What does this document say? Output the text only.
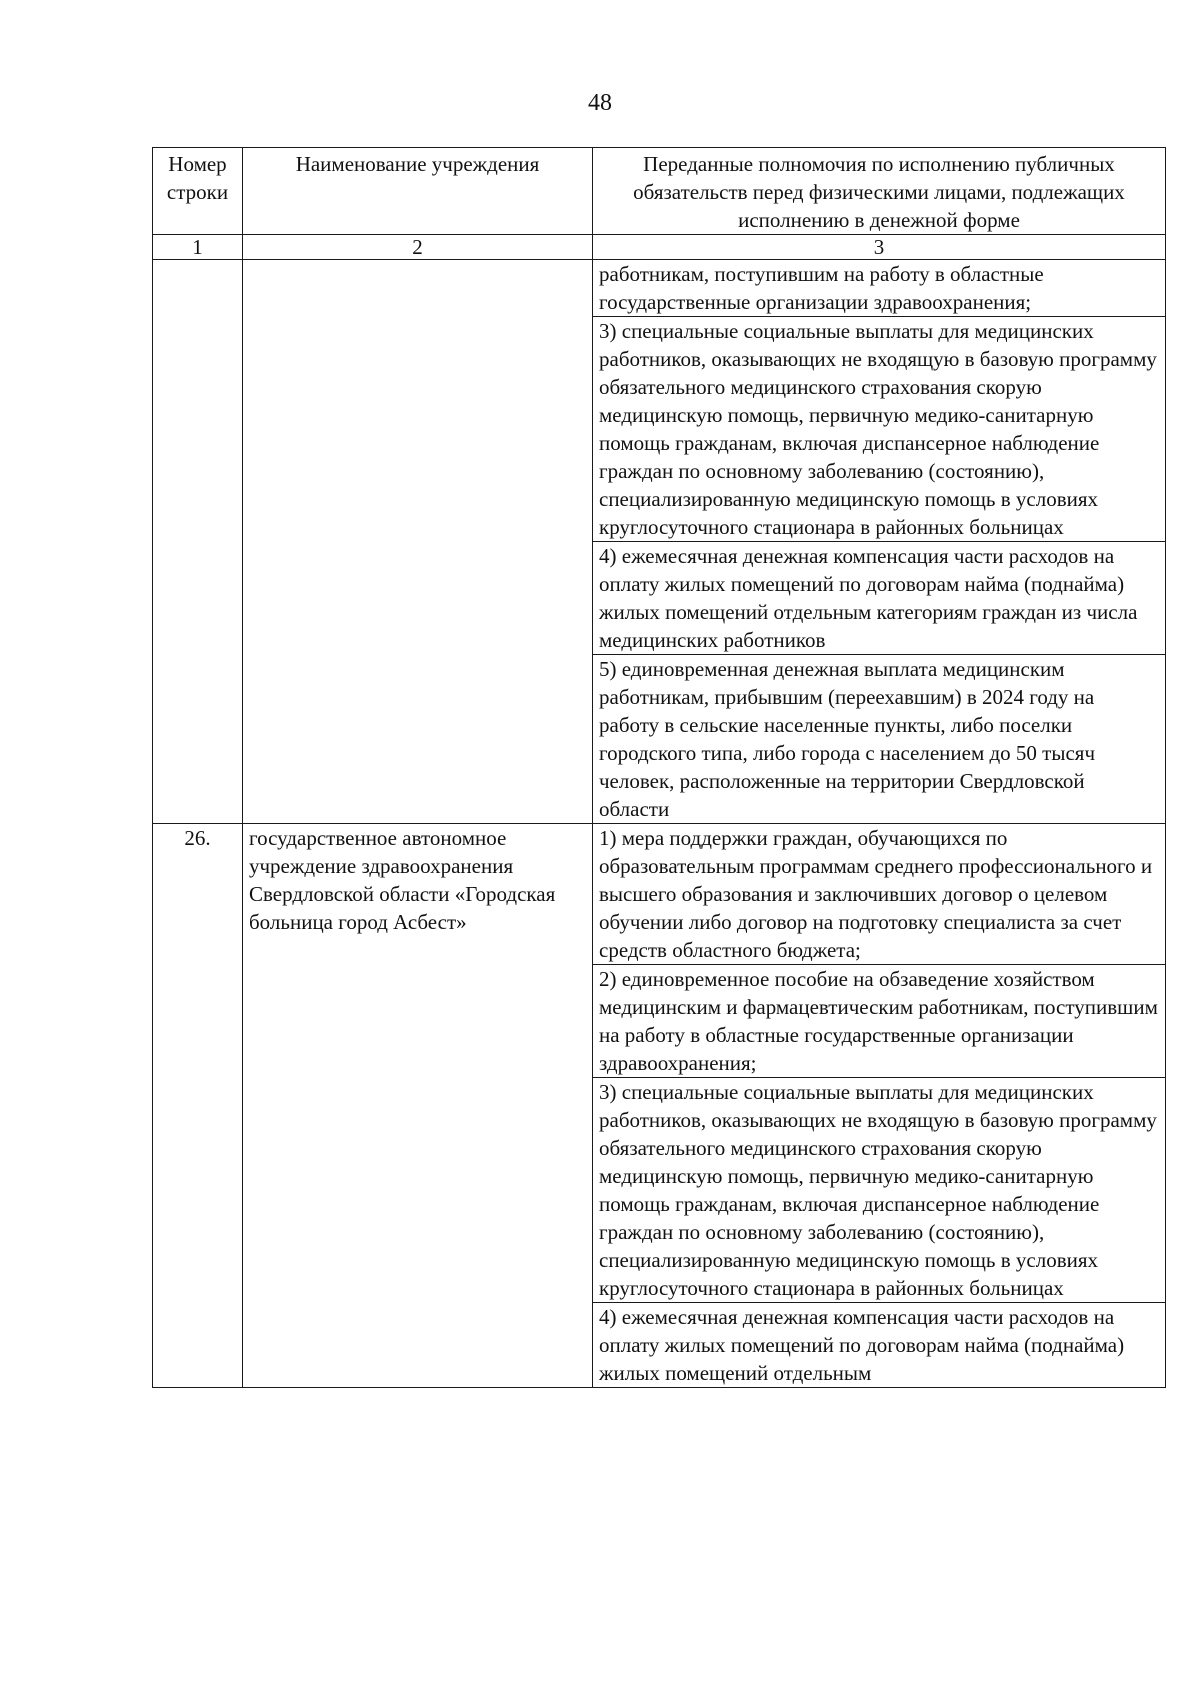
48
Номер строки	Наименование учреждения	Переданные полномочия по исполнению публичных обязательств перед физическими лицами, подлежащих исполнению в денежной форме
1	2	3
		работникам, поступившим на работу в областные государственные организации здравоохранения;
		3) специальные социальные выплаты для медицинских работников, оказывающих не входящую в базовую программу обязательного медицинского страхования скорую медицинскую помощь, первичную медико-санитарную помощь гражданам, включая диспансерное наблюдение граждан по основному заболеванию (состоянию), специализированную медицинскую помощь в условиях круглосуточного стационара в районных больницах
		4) ежемесячная денежная компенсация части расходов на оплату жилых помещений по договорам найма (поднайма) жилых помещений отдельным категориям граждан из числа медицинских работников
		5) единовременная денежная выплата медицинским работникам, прибывшим (переехавшим) в 2024 году на работу в сельские населенные пункты, либо поселки городского типа, либо города с населением до 50 тысяч человек, расположенные на территории Свердловской области
26.	государственное автономное учреждение здравоохранения Свердловской области «Городская больница город Асбест»	1) мера поддержки граждан, обучающихся по образовательным программам среднего профессионального и высшего образования и заключивших договор о целевом обучении либо договор на подготовку специалиста за счет средств областного бюджета;
		2) единовременное пособие на обзаведение хозяйством медицинским и фармацевтическим работникам, поступившим на работу в областные государственные организации здравоохранения;
		3) специальные социальные выплаты для медицинских работников, оказывающих не входящую в базовую программу обязательного медицинского страхования скорую медицинскую помощь, первичную медико-санитарную помощь гражданам, включая диспансерное наблюдение граждан по основному заболеванию (состоянию), специализированную медицинскую помощь в условиях круглосуточного стационара в районных больницах
		4) ежемесячная денежная компенсация части расходов на оплату жилых помещений по договорам найма (поднайма) жилых помещений отдельным
